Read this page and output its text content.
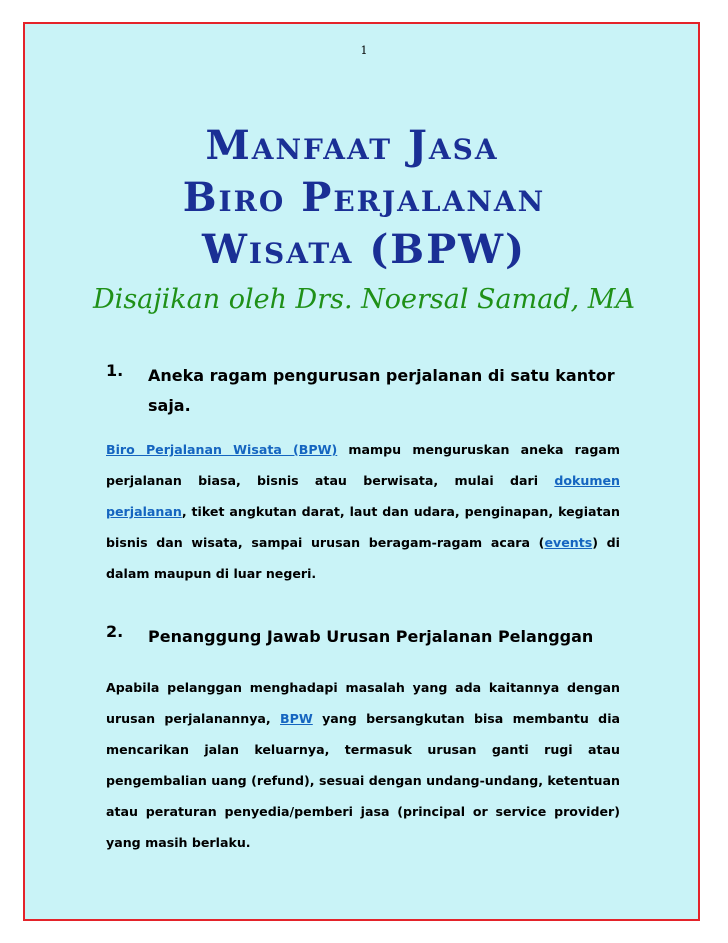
1
Manfaat Jasa
Biro Perjalanan
Wisata (BPW)
Disajikan oleh Drs. Noersal Samad, MA
1. Aneka ragam pengurusan perjalanan di satu kantor saja.
Biro Perjalanan Wisata (BPW) mampu menguruskan aneka ragam perjalanan biasa, bisnis atau berwisata, mulai dari dokumen perjalanan, tiket angkutan darat, laut dan udara, penginapan, kegiatan bisnis dan wisata, sampai urusan beragam-ragam acara (events) di dalam maupun di luar negeri.
2. Penanggung Jawab Urusan Perjalanan Pelanggan
Apabila pelanggan menghadapi masalah yang ada kaitannya dengan urusan perjalanannya, BPW yang bersangkutan bisa membantu dia mencarikan jalan keluarnya, termasuk urusan ganti rugi atau pengembalian uang (refund), sesuai dengan undang-undang, ketentuan atau peraturan penyedia/pemberi jasa (principal or service provider) yang masih berlaku.
